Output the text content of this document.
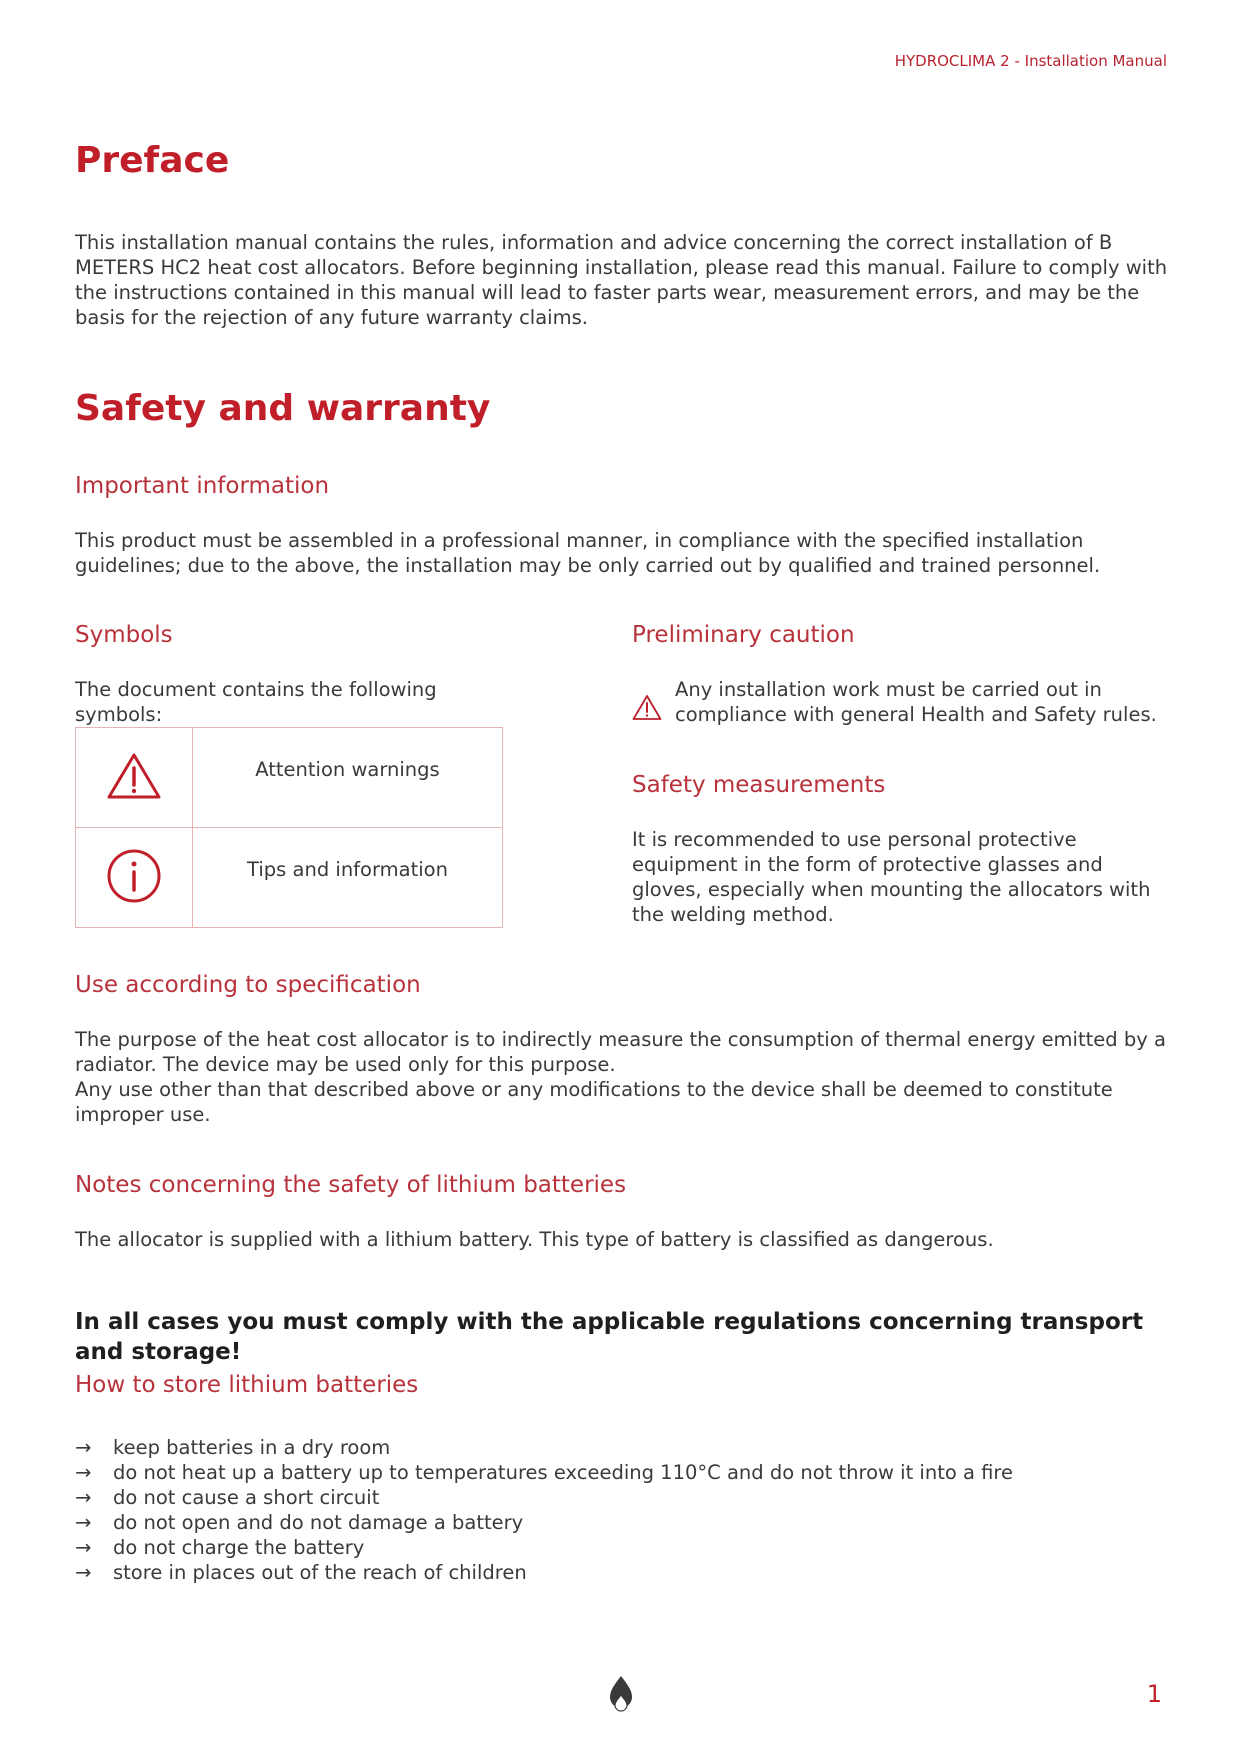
HYDROCLIMA 2 - Installation Manual
Preface

This installation manual contains the rules, information and advice concerning the correct installation of B METERS HC2 heat cost allocators. Before beginning installation, please read this manual. Failure to comply with the instructions contained in this manual will lead to faster parts wear, measurement errors, and may be the basis for the rejection of any future warranty claims.

Safety and warranty
Important information

This product must be assembled in a professional manner, in compliance with the specified installation guidelines; due to the above, the installation may be only carried out by qualified and trained personnel.

Symbols

The document contains the following symbols:

	Attention warnings
	Tips and information
Preliminary caution

Any installation work must be carried out in compliance with general Health and Safety rules.

Safety measurements

It is recommended to use personal protective equipment in the form of protective glasses and gloves, especially when mounting the allocators with the welding method.

Use according to specification

The purpose of the heat cost allocator is to indirectly measure the consumption of thermal energy emitted by a radiator. The device may be used only for this purpose.

Any use other than that described above or any modifications to the device shall be deemed to constitute improper use.

Notes concerning the safety of lithium batteries

The allocator is supplied with a lithium battery. This type of battery is classified as dangerous.

In all cases you must comply with the applicable regulations concerning transport and storage!

How to store lithium batteries
→ keep batteries in a dry room
→ do not heat up a battery up to temperatures exceeding 110°C and do not throw it into a fire
→ do not cause a short circuit
→ do not open and do not damage a battery
→ do not charge the battery
→ store in places out of the reach of children
1
